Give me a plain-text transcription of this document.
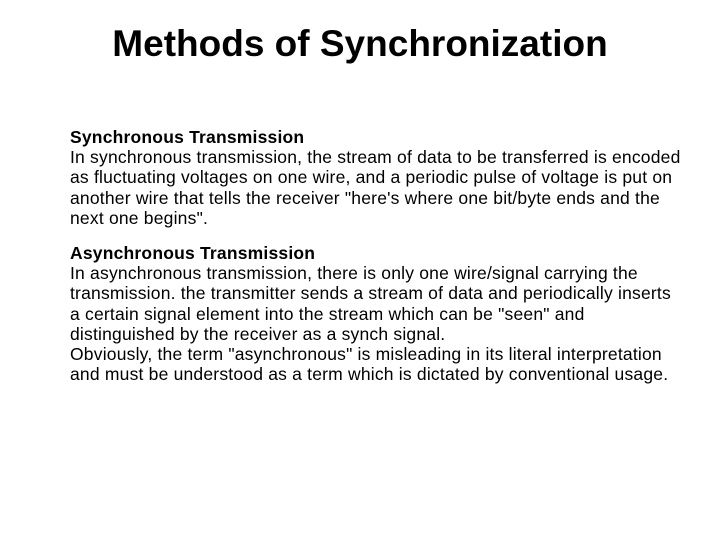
Methods of Synchronization

Synchronous Transmission
In synchronous transmission, the stream of data to be transferred is encoded as fluctuating voltages on one wire, and a periodic pulse of voltage is put on another wire that tells the receiver "here's where one bit/byte ends and the next one begins".

Asynchronous Transmission
In asynchronous transmission, there is only one wire/signal carrying the transmission. the transmitter sends a stream of data and periodically inserts a certain signal element into the stream which can be "seen" and distinguished by the receiver as a synch signal.
Obviously, the term "asynchronous" is misleading in its literal interpretation and must be understood as a term which is dictated by conventional usage.
